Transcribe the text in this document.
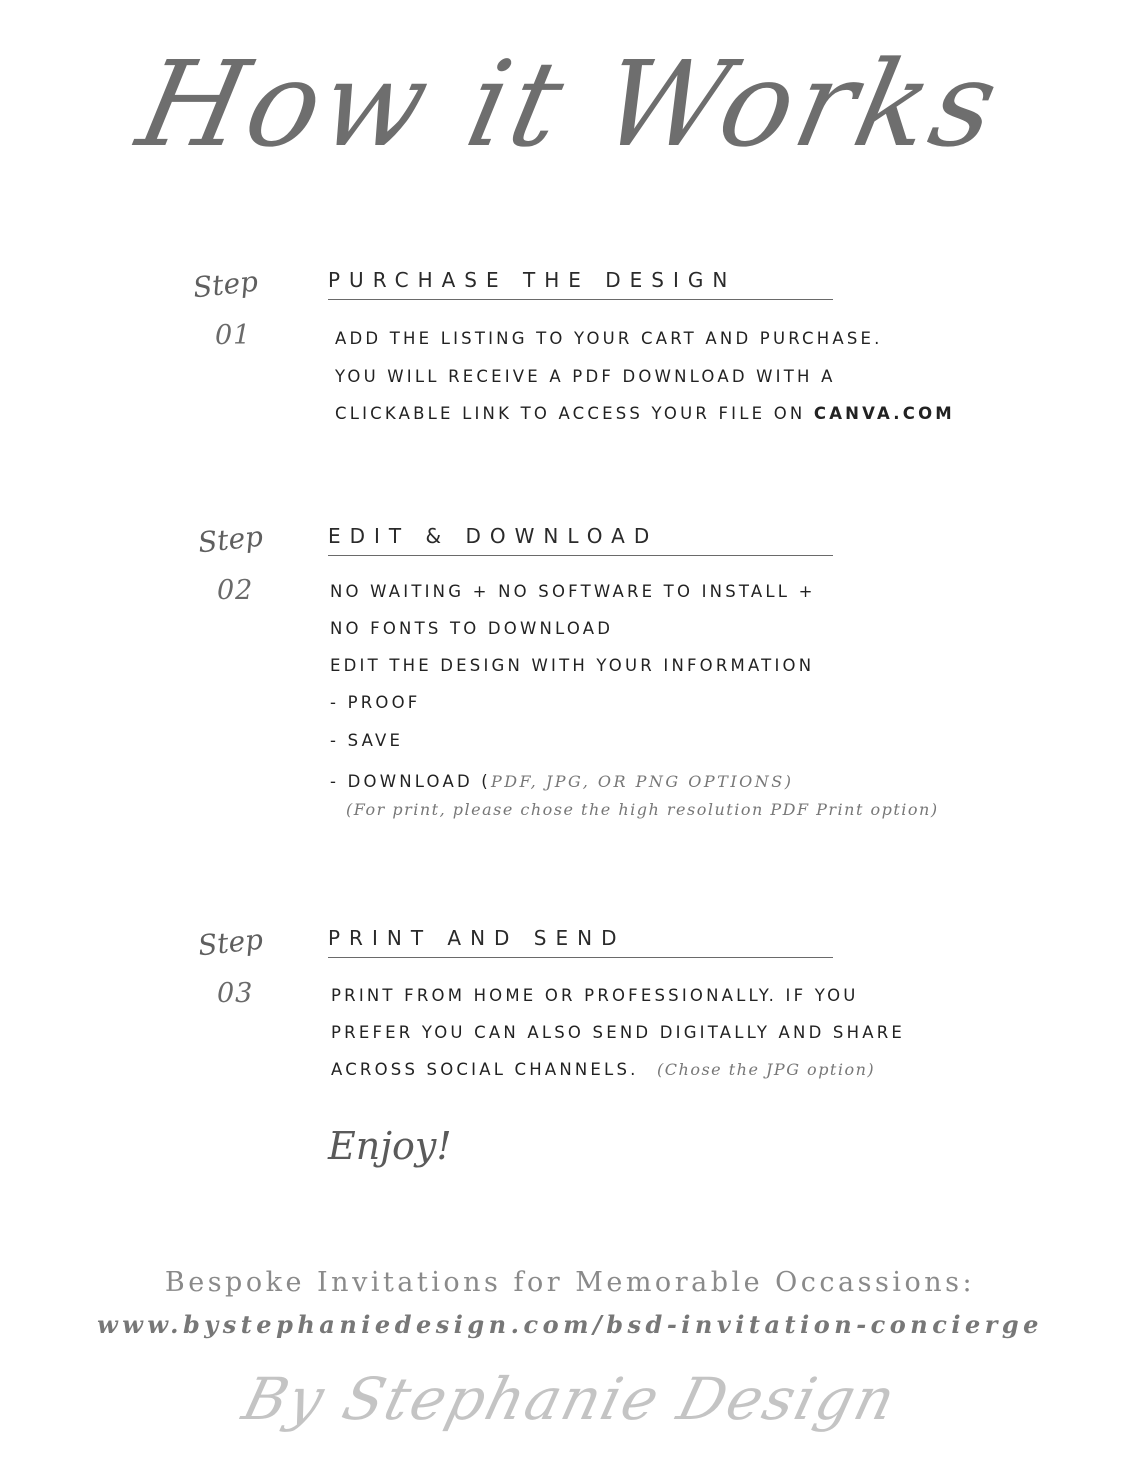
How it Works
Step
01
PURCHASE THE DESIGN
ADD THE LISTING TO YOUR CART AND PURCHASE.
YOU WILL RECEIVE A PDF DOWNLOAD WITH A
CLICKABLE LINK TO ACCESS YOUR FILE ON CANVA.COM
Step
02
EDIT & DOWNLOAD
NO WAITING + NO SOFTWARE TO INSTALL +
NO FONTS TO DOWNLOAD
EDIT THE DESIGN WITH YOUR INFORMATION
- PROOF
- SAVE
- DOWNLOAD (PDF, JPG, OR PNG OPTIONS)
(For print, please chose the high resolution PDF Print option)
Step
03
PRINT AND SEND
PRINT FROM HOME OR PROFESSIONALLY. IF YOU
PREFER YOU CAN ALSO SEND DIGITALLY AND SHARE
ACROSS SOCIAL CHANNELS. (Chose the JPG option)
Enjoy!
Bespoke Invitations for Memorable Occassions:
www.bystephaniedesign.com/bsd-invitation-concierge
By Stephanie Design
